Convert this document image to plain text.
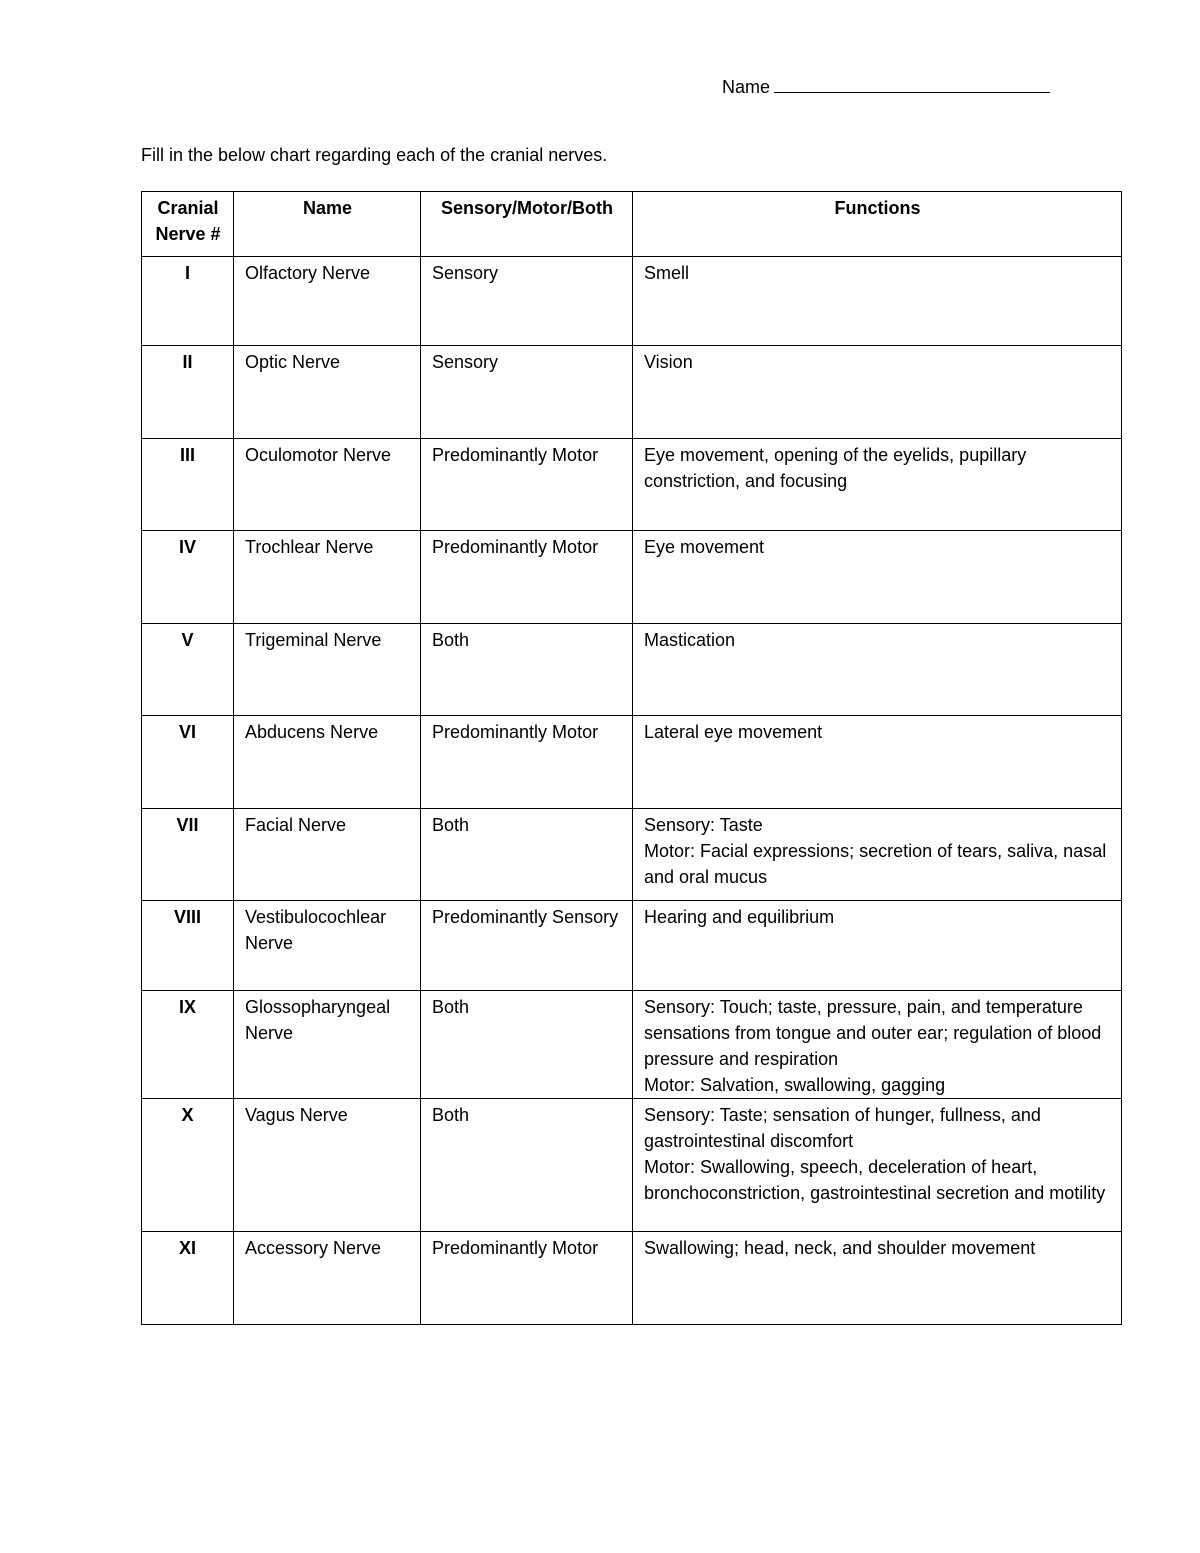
Name
Fill in the below chart regarding each of the cranial nerves.
Cranial Nerve #	Name	Sensory/Motor/Both	Functions
I	Olfactory Nerve	Sensory	Smell

II	Optic Nerve	Sensory	Vision

III	Oculomotor Nerve	Predominantly Motor	Eye movement, opening of the eyelids, pupillary constriction, and focusing

IV	Trochlear Nerve	Predominantly Motor	Eye movement

V	Trigeminal Nerve	Both	Mastication

VI	Abducens Nerve	Predominantly Motor	Lateral eye movement

VII	Facial Nerve	Both	Sensory: Taste
Motor: Facial expressions; secretion of tears, saliva, nasal and oral mucus

VIII	Vestibulocochlear Nerve	Predominantly Sensory	Hearing and equilibrium

IX	Glossopharyngeal Nerve	Both	Sensory: Touch; taste, pressure, pain, and temperature sensations from tongue and outer ear; regulation of blood pressure and respiration
Motor: Salvation, swallowing, gagging

X	Vagus Nerve	Both	Sensory: Taste; sensation of hunger, fullness, and gastrointestinal discomfort
Motor: Swallowing, speech, deceleration of heart, bronchoconstriction, gastrointestinal secretion and motility

XI	Accessory Nerve	Predominantly Motor	Swallowing; head, neck, and shoulder movement
